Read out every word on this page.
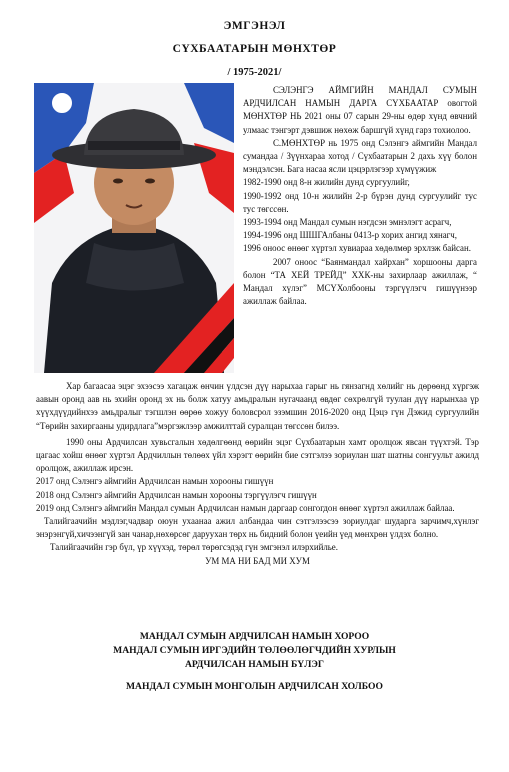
ЭМГЭНЭЛ
СҮХБААТАРЫН МӨНХТӨР
/ 1975-2021/

СЭЛЭНГЭ АЙМГИЙН МАНДАЛ СУМЫН АРДЧИЛСАН НАМЫН ДАРГА СҮХБААТАР овогтой МӨНХТӨР НЬ 2021 оны 07 сарын 29-ны өдөр хүнд өвчний улмаас тэнгэрт дэвшиж нөхөж баршгүй хүнд гарз тохиолоо.

С.МӨНХТӨР нь 1975 онд Сэлэнгэ аймгийн Мандал сумандаа / Зүүнхараа хотод / Сүхбаатарын 2 дахь хүү болон мэндэлсэн. Бага насаа ясли цэцэрлэгээр хүмүүжиж

1982-1990 онд 8-н жилийн дунд сургуулийг,

1990-1992 онд 10-н жилийн 2-р бүрэн дунд сургуулийг тус тус төгссөн.

1993-1994 онд Мандал сумын нэгдсэн эмнэлэгт асрагч,

1994-1996 онд ШШГАлбаны 0413-р хорих ангид хянагч,

1996 оноос өнөөг хүртэл хувиараа хөдөлмөр эрхлэж байсан.

2007 оноос “Баянмандал хайрхан” хоршооны дарга болон “ТА ХЕЙ ТРЕЙД” ХХК-ны захирлаар ажиллаж, “ Мандал хүлэг” МСҮХолбооны тэргүүлэгч гишүүнээр ажиллаж байлаа.

Хар багаасаа эцэг эхээсээ хагацаж өнчин үлдсэн дүү нарыхаа гарыг нь гянзагнд хөлийг нь дөрөөнд хүргэж аавын оронд аав нь эхийн оронд эх нь болж хатуу амьдралын нугачаанд өвдөг сөхрөлгүй туулан дүү нарынхаа үр хүүхдүүдийнхээ амьдралыг тэгшлэн өөрөө хожуу боловсрол эзэмшин 2016-2020 онд Цэцэ гүн Дэжид сургуулийн “Төрийн захиргааны удирдлага”мэргэжлээр амжилттай суралцан төгссөн билээ.

1990 оны Ардчилсан хувьсгалын хөдөлгөөнд өөрийн эцэг Сүхбаатарын хамт оролцож явсан түүхтэй. Тэр цагаас хойш өнөөг хүртэл Ардчиллын төлөөх үйл хэрэгт өөрийн бие сэтгэлээ зориулан шат шатны сонгуульт ажилд оролцож, ажиллаж ирсэн.

2017 онд Сэлэнгэ аймгийн Ардчилсан намын хорооны гишүүн

2018 онд Сэлэнгэ аймгийн Ардчилсан намын хорооны тэргүүлэгч гишүүн

2019 онд Сэлэнгэ аймгийн Мандал сумын Ардчилсан намын даргаар сонгогдон өнөөг хүртэл ажиллаж байлаа.

Талийгаачийн мэдлэг,чадвар оюун ухаанаа ажил албандаа чин сэтгэлээсээ зориулдаг шударга зарчимч,хүнлэг энэрэнгүй,хичээнгүй зан чанар,нөхөрсөг даруухан төрх нь бидний болон үеийн үед мөнхрөн үлдэх болно.

Талийгаачийн гэр бүл, үр хүүхэд, төрөл төрөгсэдэд гүн эмгэнэл илэрхийлье.

УМ МА НИ БАД МИ ХУМ

МАНДАЛ СУМЫН АРДЧИЛСАН НАМЫН ХОРОО
МАНДАЛ СУМЫН ИРГЭДИЙН ТӨЛӨӨЛӨГЧДИЙН ХУРЛЫН
АРДЧИЛСАН НАМЫН БҮЛЭГ
МАНДАЛ СУМЫН МОНГОЛЫН АРДЧИЛСАН ХОЛБОО
